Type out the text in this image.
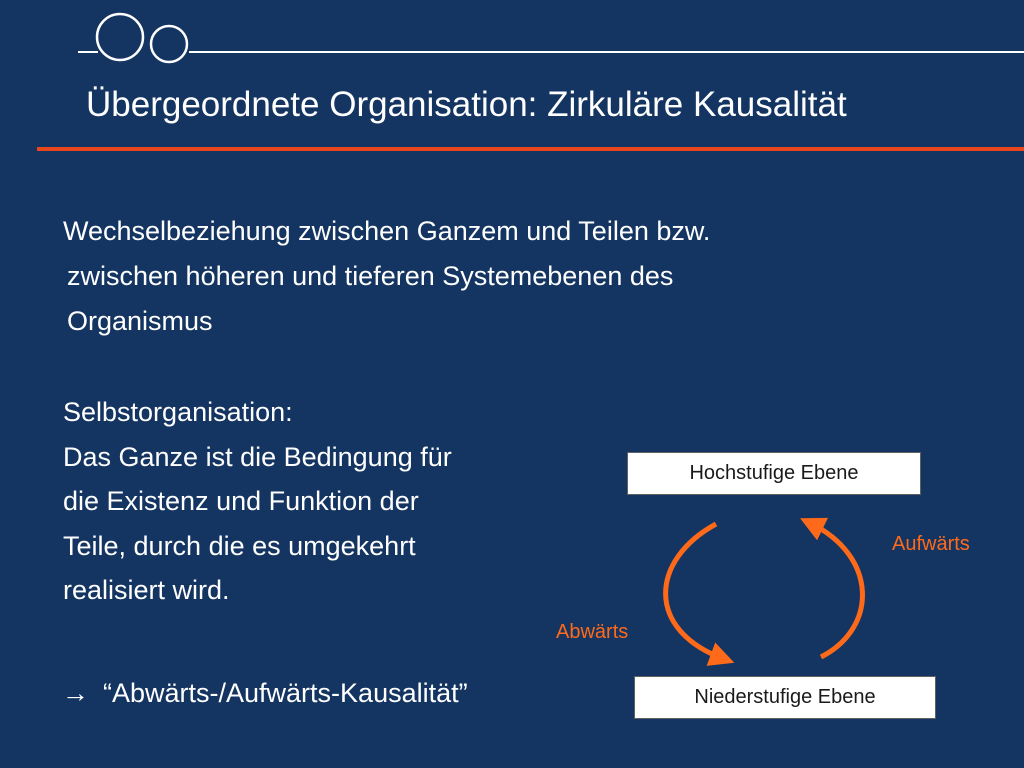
Übergeordnete Organisation: Zirkuläre Kausalität
Wechselbeziehung zwischen Ganzem und Teilen bzw.
zwischen höheren und tieferen Systemebenen des
Organismus
Selbstorganisation:
Das Ganze ist die Bedingung für
die Existenz und Funktion der
Teile, durch die es umgekehrt
realisiert wird.
→ “Abwärts-/Aufwärts-Kausalität”
Hochstufige Ebene
Niederstufige Ebene
Aufwärts
Abwärts
